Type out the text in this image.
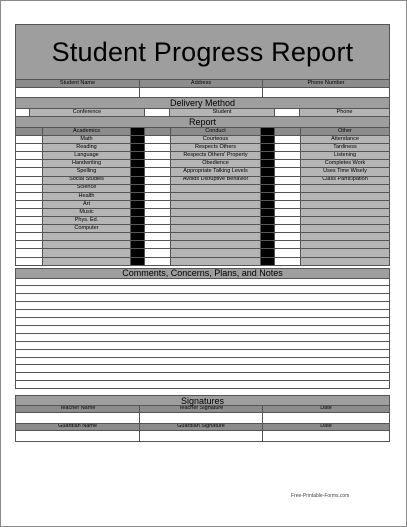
Student Progress Report
Student Name	Address	Phone Number
Delivery Method
Conference	Student	Phone
Report
Academics	Conduct	Other
Math	Courteous	Attendance
Reading	Respects Others	Tardiness
Language	Respects Others' Property	Listening
Handwriting	Obedience	Completes Work
Spelling	Appropriate Talking Levels	Uses Time Wisely
Social Studies	Avoids Disruptive Behavior	Class Participation
Science
Health
Art
Music
Phys. Ed.
Computer
Comments, Concerns, Plans, and Notes
Signatures
Teacher Name	Teacher Signature	Date
Guardian Name	Guardian Signature	Date
Free-Printable-Forms.com
